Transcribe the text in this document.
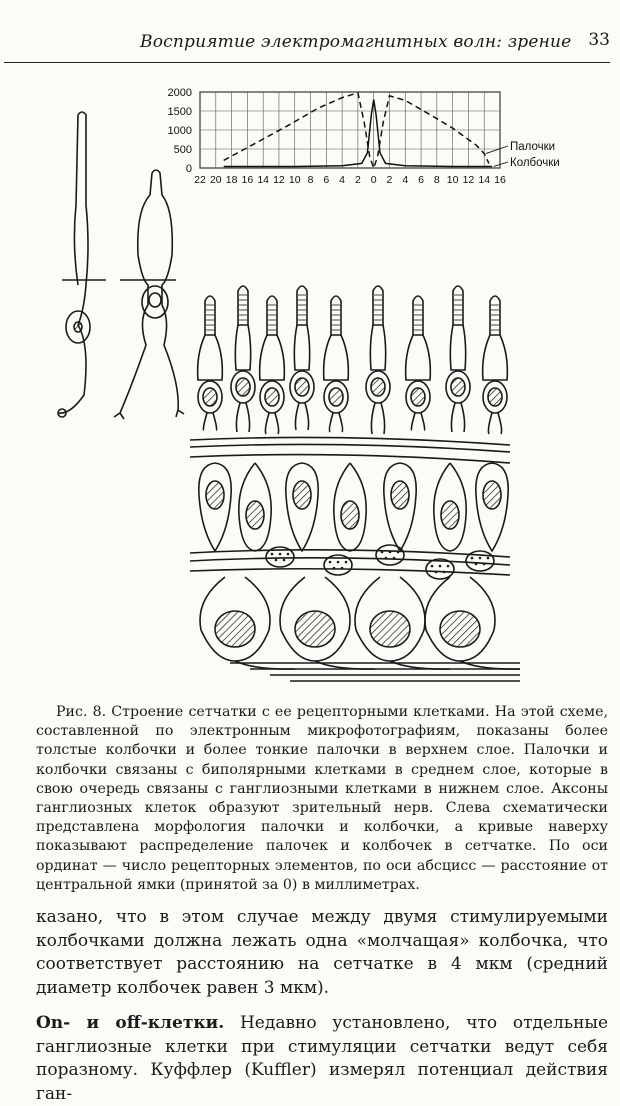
Восприятие электромагнитных волн: зрение 33
2000
1500
1000
500
0
22 20 18 16 14 12 10 8 6 4 2 0 2 4 6 8 10 12 14 16
Палочки
Колбочки
Рис. 8. Строение сетчатки с ее рецепторными клетками. На этой схеме, составленной по электронным микрофотографиям, показаны более толстые колбочки и более тонкие палочки в верхнем слое. Палочки и колбочки связаны с биполярными клетками в среднем слое, которые в свою очередь связаны с ганглиозными клетками в нижнем слое. Аксоны ганглиозных клеток образуют зрительный нерв. Слева схематически представлена морфология палочки и колбочки, а кривые наверху показывают распределение палочек и колбочек в сетчатке. По оси ординат — число рецепторных элементов, по оси абсцисс — расстояние от центральной ямки (принятой за 0) в миллиметрах.

казано, что в этом случае между двумя стимулируемыми колбочками должна лежать одна «молчащая» колбочка, что соответствует расстоянию на сетчатке в 4 мкм (средний диаметр колбочек равен 3 мкм).

On- и off-клетки. Недавно установлено, что отдельные ганглиозные клетки при стимуляции сетчатки ведут себя поразному. Куффлер (Kuffler) измерял потенциал действия ган-
